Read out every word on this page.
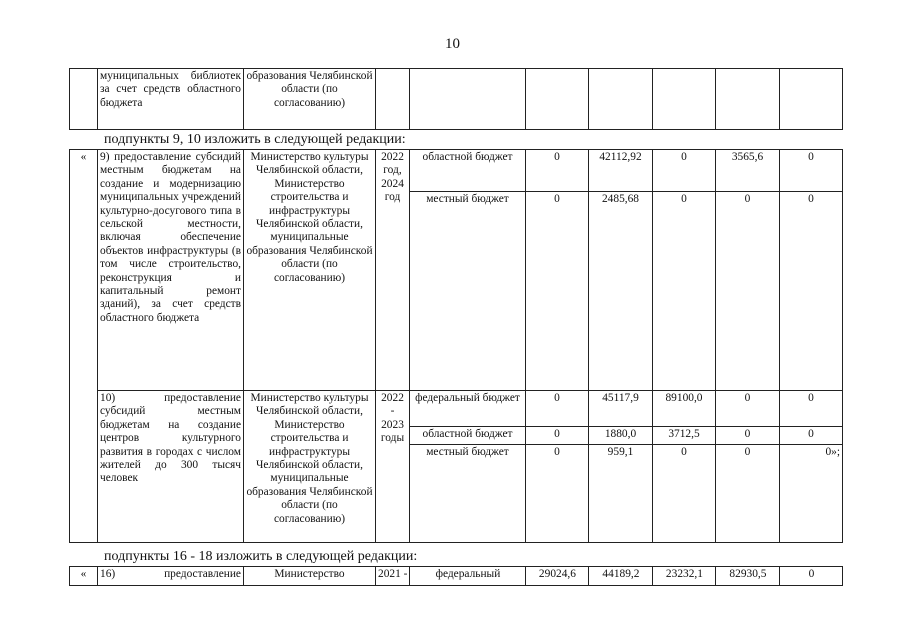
10
	муниципальных библиотек за счет средств областного бюджета	образования Челябинской области (по согласованию)							
подпункты 9, 10 изложить в следующей редакции:
«	9) предоставление субсидий местным бюджетам на создание и модернизацию муниципальных учреждений культурно-досугового типа в сельской местности, включая обеспечение объектов инфраструктуры (в том числе строительство, реконструкция и капитальный ремонт зданий), за счет средств областного бюджета	Министерство культуры Челябинской области, Министерство строительства и инфраструктуры Челябинской области, муниципальные образования Челябинской области (по согласованию)	2022 год, 2024 год	областной бюджет	0	42112,92	0	3565,6	0
				местный бюджет	0	2485,68	0	0	0
	10) предоставление субсидий местным бюджетам на создание центров культурного развития в городах с числом жителей до 300 тысяч человек	Министерство культуры Челябинской области, Министерство строительства и инфраструктуры Челябинской области, муниципальные образования Челябинской области (по согласованию)	2022 - 2023 годы	федеральный бюджет	0	45117,9	89100,0	0	0
				областной бюджет	0	1880,0	3712,5	0	0
				местный бюджет	0	959,1	0	0	0»;
подпункты 16 - 18 изложить в следующей редакции:
«	16) предоставление	Министерство	2021 -	федеральный	29024,6	44189,2	23232,1	82930,5	0
